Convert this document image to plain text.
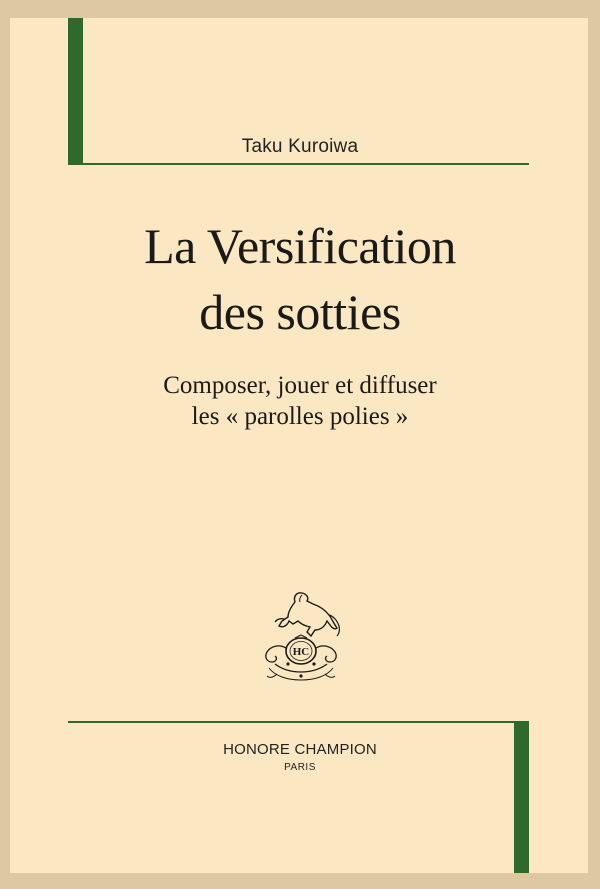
Taku Kuroiwa
La Versification
des sotties
Composer, jouer et diffuser
les « parolles polies »
HC
HONORE CHAMPION
PARIS
